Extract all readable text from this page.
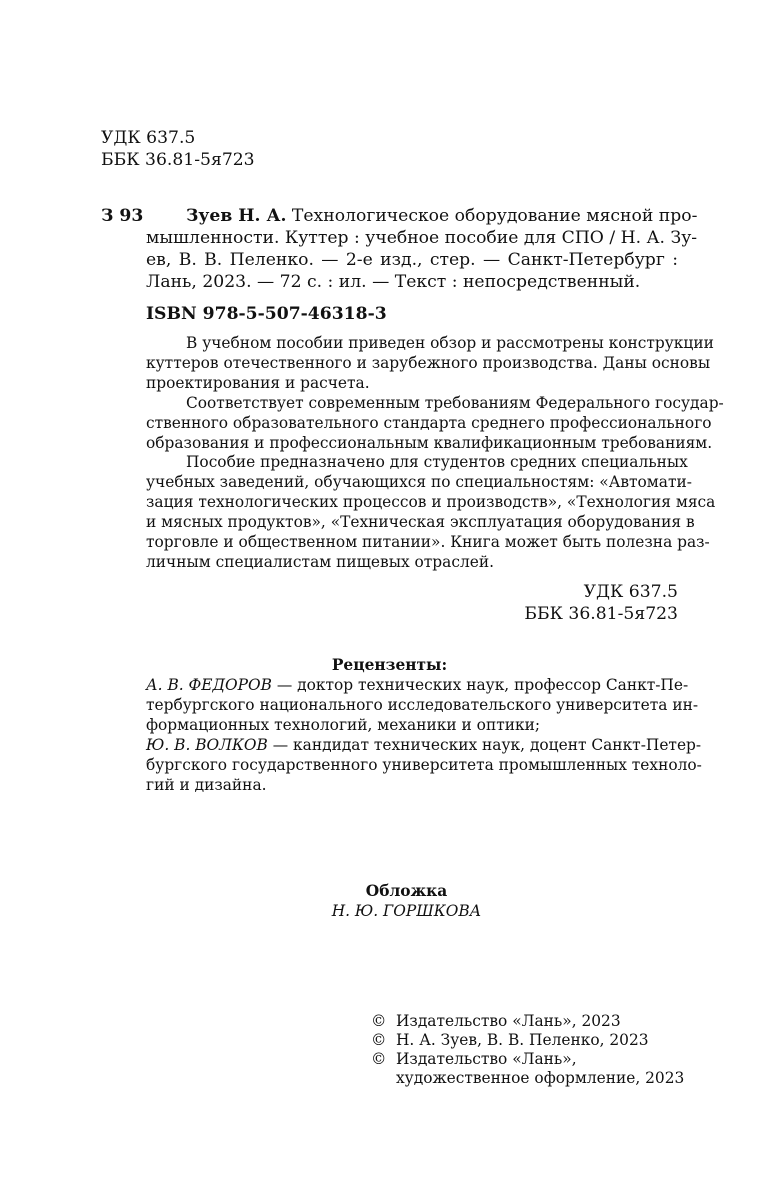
УДК 637.5
ББК 36.81-5я723
З 93 Зуев Н. А. Технологическое оборудование мясной про-
мышленности. Куттер : учебное пособие для СПО / Н. А. Зу-
ев, В. В. Пеленко. — 2-е изд., стер. — Санкт-Петербург :
Лань, 2023. — 72 с. : ил. — Текст : непосредственный.
ISBN 978-5-507-46318-3
В учебном пособии приведен обзор и рассмотрены конструкции
куттеров отечественного и зарубежного производства. Даны основы
проектирования и расчета.
Соответствует современным требованиям Федерального государ-
ственного образовательного стандарта среднего профессионального
образования и профессиональным квалификационным требованиям.
Пособие предназначено для студентов средних специальных
учебных заведений, обучающихся по специальностям: «Автомати-
зация технологических процессов и производств», «Технология мяса
и мясных продуктов», «Техническая эксплуатация оборудования в
торговле и общественном питании». Книга может быть полезна раз-
личным специалистам пищевых отраслей.
УДК 637.5
ББК 36.81-5я723
Рецензенты:
А. В. ФЕДОРОВ — доктор технических наук, профессор Санкт-Пе-
тербургского национального исследовательского университета ин-
формационных технологий, механики и оптики;
Ю. В. ВОЛКОВ — кандидат технических наук, доцент Санкт-Петер-
бургского государственного университета промышленных техноло-
гий и дизайна.
Обложка
Н. Ю. ГОРШКОВА
© Издательство «Лань», 2023
© Н. А. Зуев, В. В. Пеленко, 2023
© Издательство «Лань»,
художественное оформление, 2023
